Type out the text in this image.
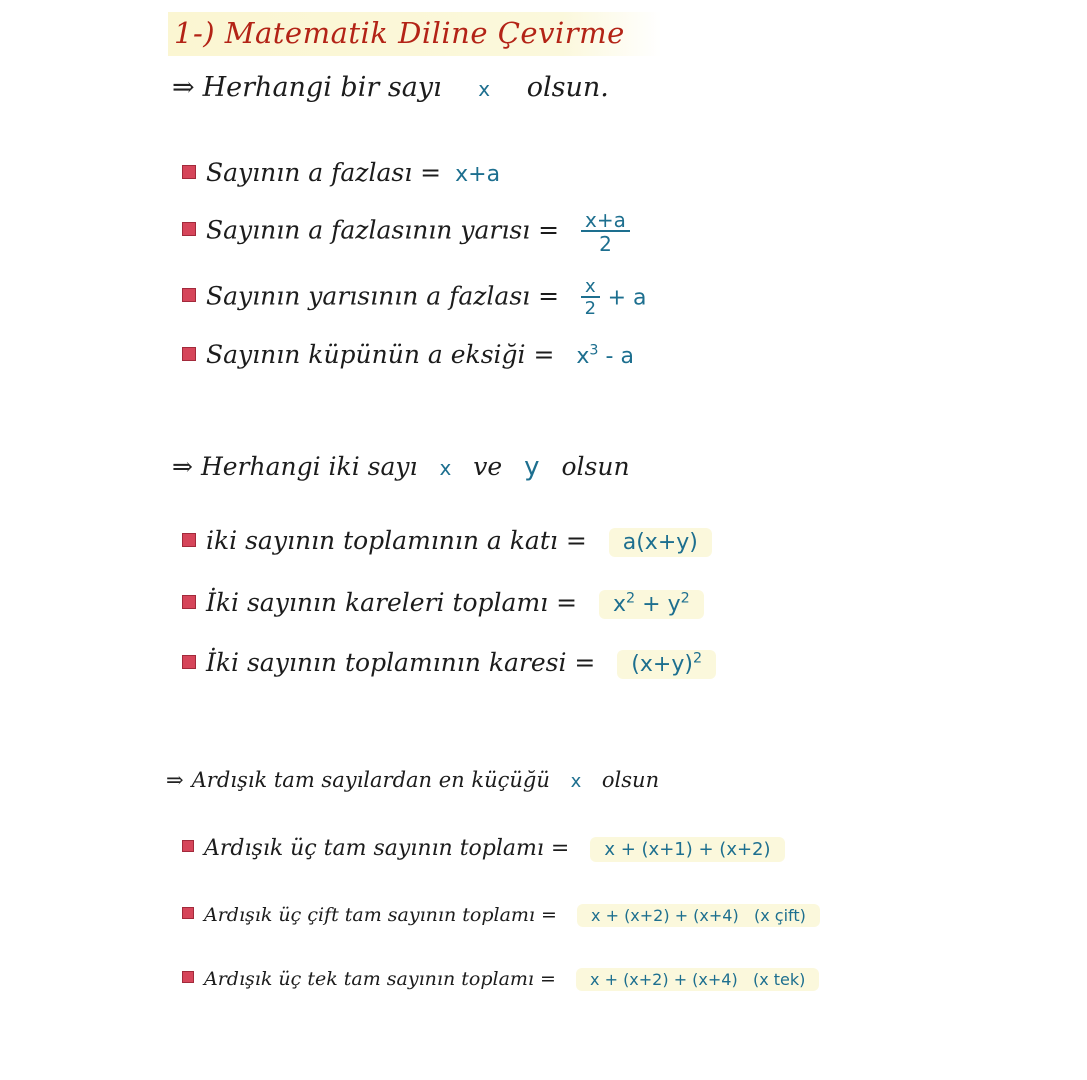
1-) Matematik Diline Çevirme
⇒ Herhangi bir sayı x olsun.
Sayının a fazlası = x+a
Sayının a fazlasının yarısı = $\frac{x+a}{2}$
Sayının yarısının a fazlası = $\frac{x}{2} + a$
Sayının küpünün a eksiği = $x^3$ - a
⇒ Herhangi iki sayı x ve y olsun
iki sayının toplamının a katı = a(x+y)
İki sayının kareleri toplamı = $x^2 + y^2$
İki sayının toplamının karesi = $(x+y)^2$
⇒ Ardışık tam sayılardan en küçüğü x olsun
Ardışık üç tam sayının toplamı = x + (x+1) + (x+2)
Ardışık üç çift tam sayının toplamı = x + (x+2) + (x+4) (x çift)
Ardışık üç tek tam sayının toplamı = x + (x+2) + (x+4) (x tek)
